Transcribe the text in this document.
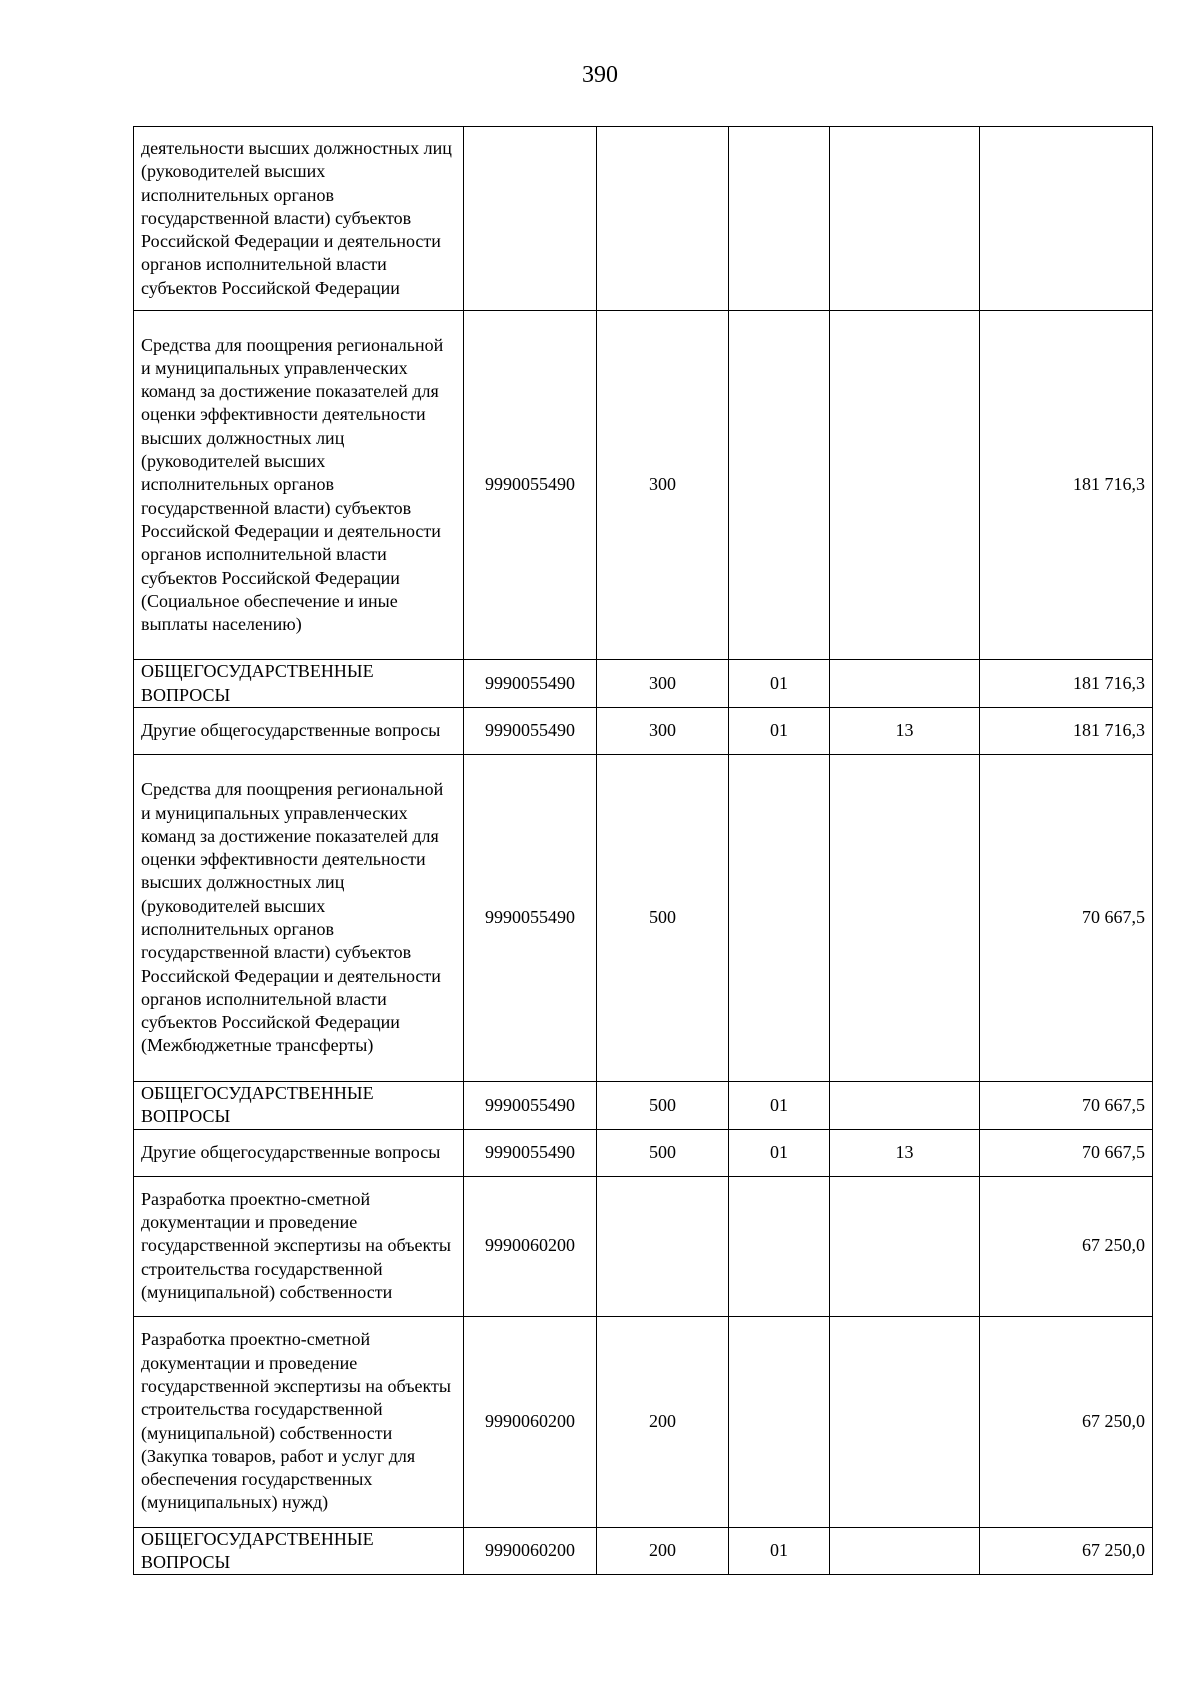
390
деятельности высших должностных лиц (руководителей высших исполнительных органов государственной власти) субъектов Российской Федерации и деятельности органов исполнительной власти субъектов Российской Федерации					
Средства для поощрения региональной и муниципальных управленческих команд за достижение показателей для оценки эффективности деятельности высших должностных лиц (руководителей высших исполнительных органов государственной власти) субъектов Российской Федерации и деятельности органов исполнительной власти субъектов Российской Федерации (Социальное обеспечение и иные выплаты населению)	9990055490	300			181 716,3
ОБЩЕГОСУДАРСТВЕННЫЕ ВОПРОСЫ	9990055490	300	01		181 716,3
Другие общегосударственные вопросы	9990055490	300	01	13	181 716,3
Средства для поощрения региональной и муниципальных управленческих команд за достижение показателей для оценки эффективности деятельности высших должностных лиц (руководителей высших исполнительных органов государственной власти) субъектов Российской Федерации и деятельности органов исполнительной власти субъектов Российской Федерации (Межбюджетные трансферты)	9990055490	500			70 667,5
ОБЩЕГОСУДАРСТВЕННЫЕ ВОПРОСЫ	9990055490	500	01		70 667,5
Другие общегосударственные вопросы	9990055490	500	01	13	70 667,5
Разработка проектно-сметной документации и проведение государственной экспертизы на объекты строительства государственной (муниципальной) собственности	9990060200				67 250,0
Разработка проектно-сметной документации и проведение государственной экспертизы на объекты строительства государственной (муниципальной) собственности (Закупка товаров, работ и услуг для обеспечения государственных (муниципальных) нужд)	9990060200	200			67 250,0
ОБЩЕГОСУДАРСТВЕННЫЕ ВОПРОСЫ	9990060200	200	01		67 250,0
